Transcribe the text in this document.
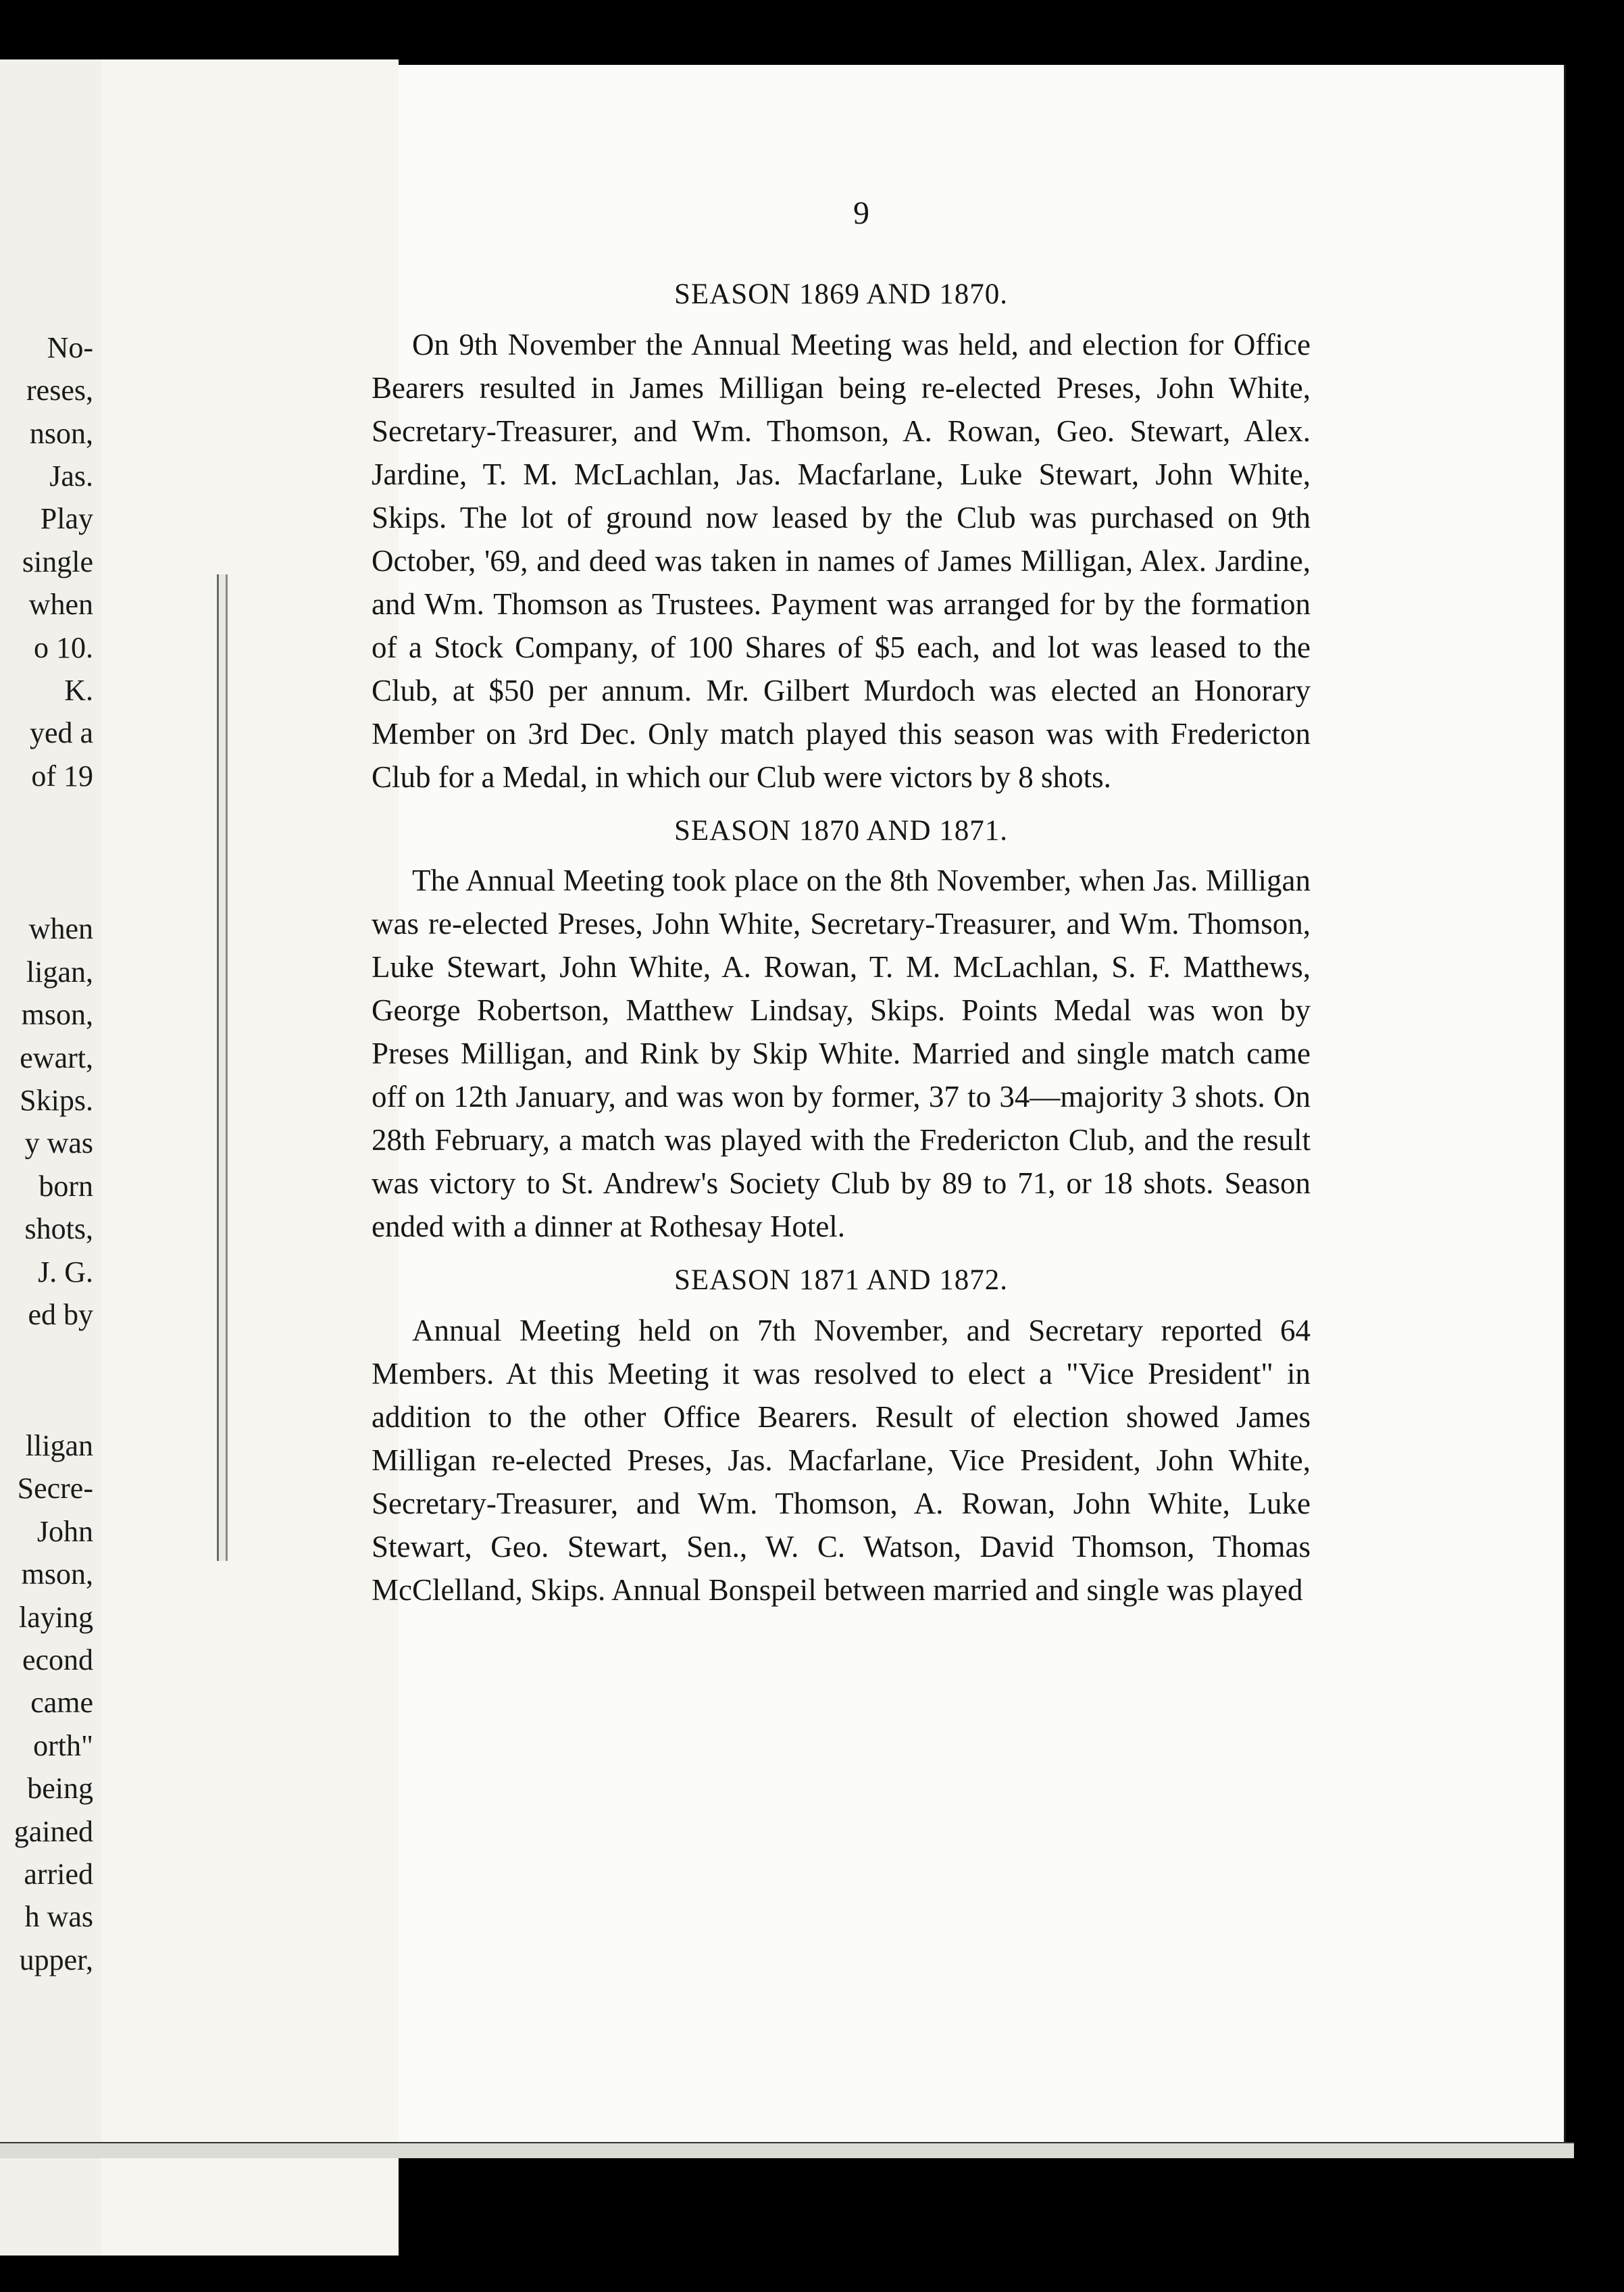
No-
reses,
nson,
Jas.
Play
single
when
o 10.
K.
yed a
of 19
when
ligan,
mson,
ewart,
Skips.
y was
born
shots,
J. G.
ed by
lligan
Secre-
John
mson,
laying
econd
came
orth"
being
gained
arried
h was
upper,
9
SEASON 1869 AND 1870.

On 9th November the Annual Meeting was held, and election for Office Bearers resulted in James Milligan being re-elected Preses, John White, Secretary-Treasurer, and Wm. Thomson, A. Rowan, Geo. Stewart, Alex. Jardine, T. M. McLachlan, Jas. Macfarlane, Luke Stewart, John White, Skips. The lot of ground now leased by the Club was purchased on 9th October, '69, and deed was taken in names of James Milligan, Alex. Jardine, and Wm. Thomson as Trustees. Payment was arranged for by the formation of a Stock Company, of 100 Shares of $5 each, and lot was leased to the Club, at $50 per annum. Mr. Gilbert Murdoch was elected an Honorary Member on 3rd Dec. Only match played this season was with Fredericton Club for a Medal, in which our Club were victors by 8 shots.

SEASON 1870 AND 1871.

The Annual Meeting took place on the 8th November, when Jas. Milligan was re-elected Preses, John White, Secretary-Treasurer, and Wm. Thomson, Luke Stewart, John White, A. Rowan, T. M. McLachlan, S. F. Matthews, George Robertson, Matthew Lindsay, Skips. Points Medal was won by Preses Milligan, and Rink by Skip White. Married and single match came off on 12th January, and was won by former, 37 to 34—majority 3 shots. On 28th February, a match was played with the Fredericton Club, and the result was victory to St. Andrew's Society Club by 89 to 71, or 18 shots. Season ended with a dinner at Rothesay Hotel.

SEASON 1871 AND 1872.

Annual Meeting held on 7th November, and Secretary reported 64 Members. At this Meeting it was resolved to elect a "Vice President" in addition to the other Office Bearers. Result of election showed James Milligan re-elected Preses, Jas. Macfarlane, Vice President, John White, Secretary-Treasurer, and Wm. Thomson, A. Rowan, John White, Luke Stewart, Geo. Stewart, Sen., W. C. Watson, David Thomson, Thomas McClelland, Skips. Annual Bonspeil between married and single was played
